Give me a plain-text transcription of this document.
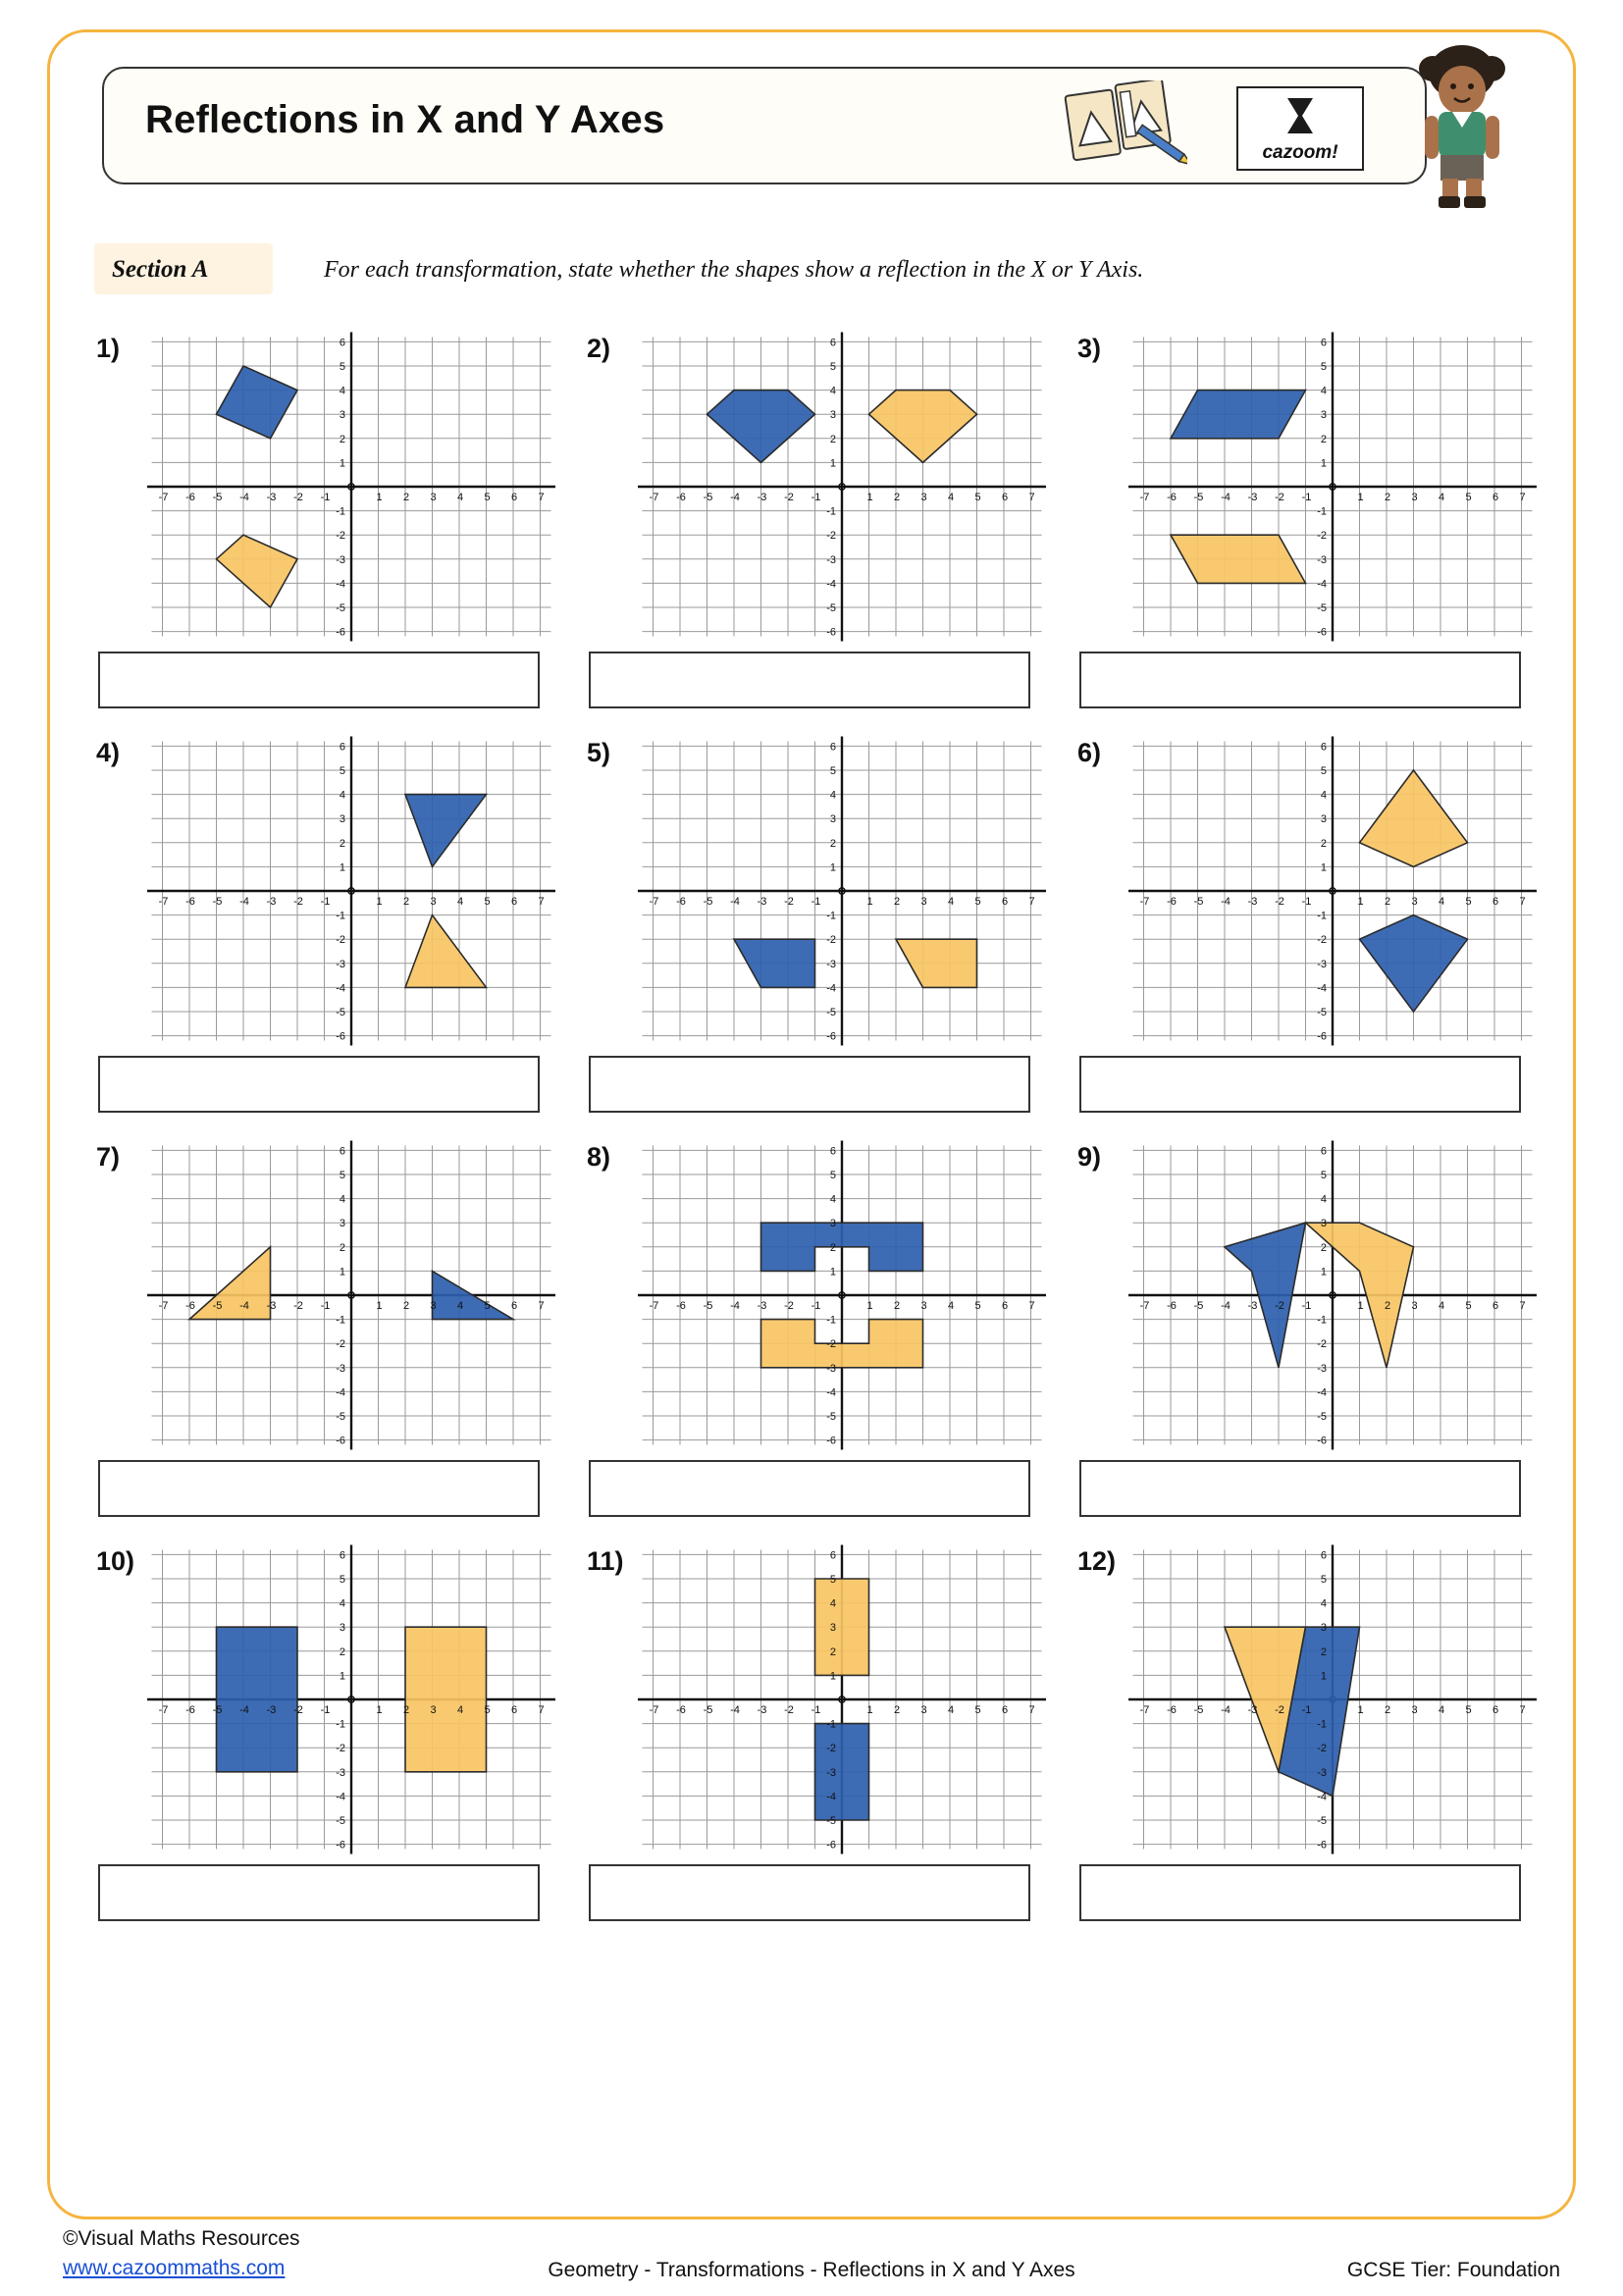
Reflections in X and Y Axes
cazoom!
Section A	For each transformation, state whether the shapes show a reflection in the X or Y Axis.
1)
-7 -6 -5 -4 -3 -2 -1	1 2 3 4 5 6 7
6
5
4
3
2
1
-1
-2
-3
-4
-5
-6
2)
-7 -6 -5 -4 -3 -2 -1	1 2 3 4 5 6 7
6
5
4
3
2
1
-1
-2
-3
-4
-5
-6
3)
-7 -6 -5 -4 -3 -2 -1	1 2 3 4 5 6 7
6
5
4
3
2
1
-1
-2
-3
-4
-5
-6
4)
-7 -6 -5 -4 -3 -2 -1	1 2 3 4 5 6 7
6
5
4
3
2
1
-1
-2
-3
-4
-5
-6
5)
-7 -6 -5 -4 -3 -2 -1	1 2 3 4 5 6 7
6
5
4
3
2
1
-1
-2
-3
-4
-5
-6
6)
-7 -6 -5 -4 -3 -2 -1	1 2 3 4 5 6 7
6
5
4
3
2
1
-1
-2
-3
-4
-5
-6
7)
-7 -6 -5 -4 -3 -2 -1	1 2 3 4 5 6 7
6
5
4
3
2
1
-1
-2
-3
-4
-5
-6
8)
-7 -6 -5 -4 -3 -2 -1	1 2 3 4 5 6 7
6
5
4
3
2
1
-1
-2
-3
-4
-5
-6
9)
-7 -6 -5 -4 -3 -2 -1	1 2 3 4 5 6 7
6
5
4
3
2
1
-1
-2
-3
-4
-5
-6
10)
-7 -6 -5 -4 -3 -2 -1	1 2 3 4 5 6 7
6
5
4
3
2
1
-1
-2
-3
-4
-5
-6
11)
-7 -6 -5 -4 -3 -2 -1	1 2 3 4 5 6 7
6
5
4
3
2
1
-1
-2
-3
-4
-5
-6
12)
-7 -6 -5 -4 -3 -2 -1	1 2 3 4 5 6 7
6
5
4
3
2
1
-1
-2
-3
-4
-5
-6
©Visual Maths Resources
www.cazoommaths.com	Geometry - Transformations - Reflections in X and Y Axes	GCSE Tier: Foundation
